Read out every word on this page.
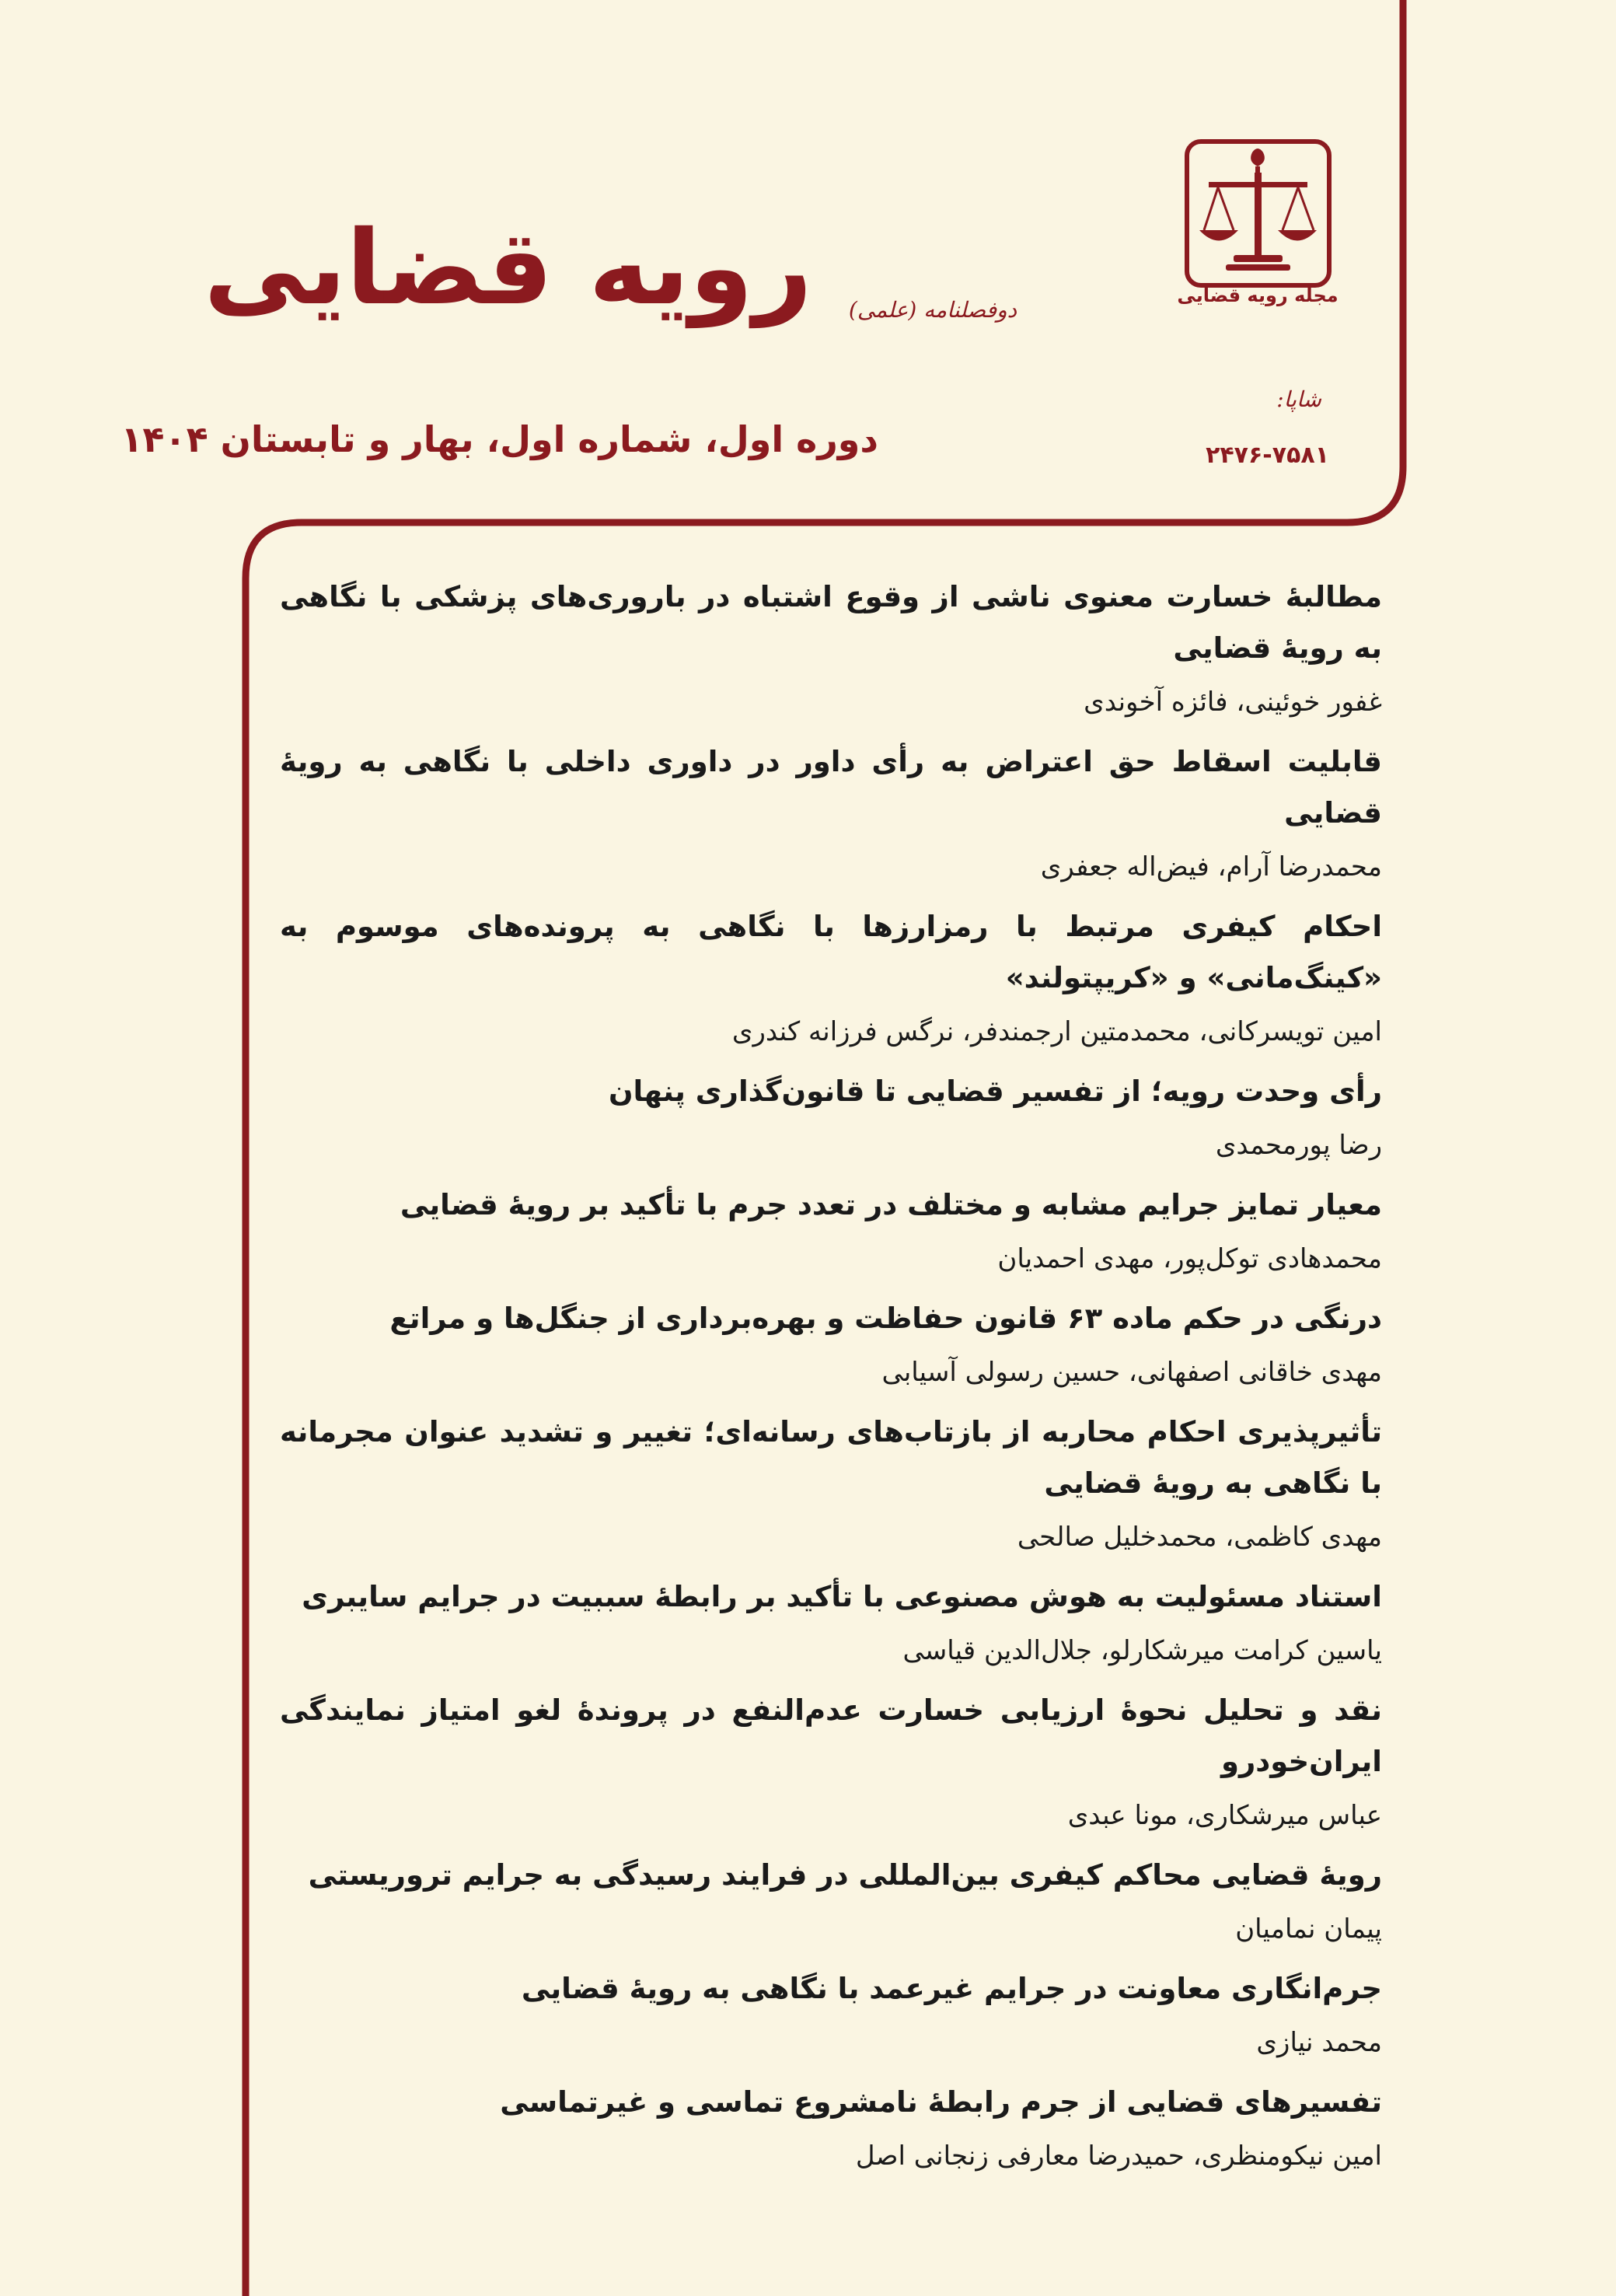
مجله رویه قضایی
رویه قضایی	دوفصلنامه (علمی)
دوره اول، شماره اول، بهار و تابستان ۱۴۰۴
شاپا:
۲۴۷۶-۷۵۸۱
مطالبهٔ خسارت معنوی ناشی از وقوع اشتباه در باروری‌های پزشکی با نگاهی به رویهٔ قضایی
غفور خوئینی، فائزه آخوندی
قابلیت اسقاط حق اعتراض به رأی داور در داوری داخلی با نگاهی به رویهٔ قضایی
محمدرضا آرام، فیض‌اله جعفری
احکام کیفری مرتبط با رمزارزها با نگاهی به پرونده‌های موسوم به «کینگ‌مانی» و «کریپتولند»
امین تویسرکانی، محمدمتین ارجمندفر، نرگس فرزانه کندری
رأی وحدت رویه؛ از تفسیر قضایی تا قانون‌گذاری پنهان
رضا پورمحمدی
معیار تمایز جرایم مشابه و مختلف در تعدد جرم با تأکید بر رویهٔ قضایی
محمدهادی توکل‌پور، مهدی احمدیان
درنگی در حکم ماده ۶۳ قانون حفاظت و بهره‌برداری از جنگل‌ها و مراتع
مهدی خاقانی اصفهانی، حسین رسولی آسیابی
تأثیرپذیری احکام محاربه از بازتاب‌های رسانه‌ای؛ تغییر و تشدید عنوان مجرمانه با نگاهی به رویهٔ قضایی
مهدی کاظمی، محمدخلیل صالحی
استناد مسئولیت به هوش مصنوعی با تأکید بر رابطهٔ سببیت در جرایم سایبری
یاسین کرامت میرشکارلو، جلال‌الدین قیاسی
نقد و تحلیل نحوهٔ ارزیابی خسارت عدم‌النفع در پروندهٔ لغو امتیاز نمایندگی ایران‌خودرو
عباس میرشکاری، مونا عبدی
رویهٔ قضایی محاکم کیفری بین‌المللی در فرایند رسیدگی به جرایم تروریستی
پیمان نمامیان
جرم‌انگاری معاونت در جرایم غیرعمد با نگاهی به رویهٔ قضایی
محمد نیازی
تفسیرهای قضایی از جرم رابطهٔ نامشروع تماسی و غیرتماسی
امین نیکومنظری، حمیدرضا معارفی زنجانی اصل
